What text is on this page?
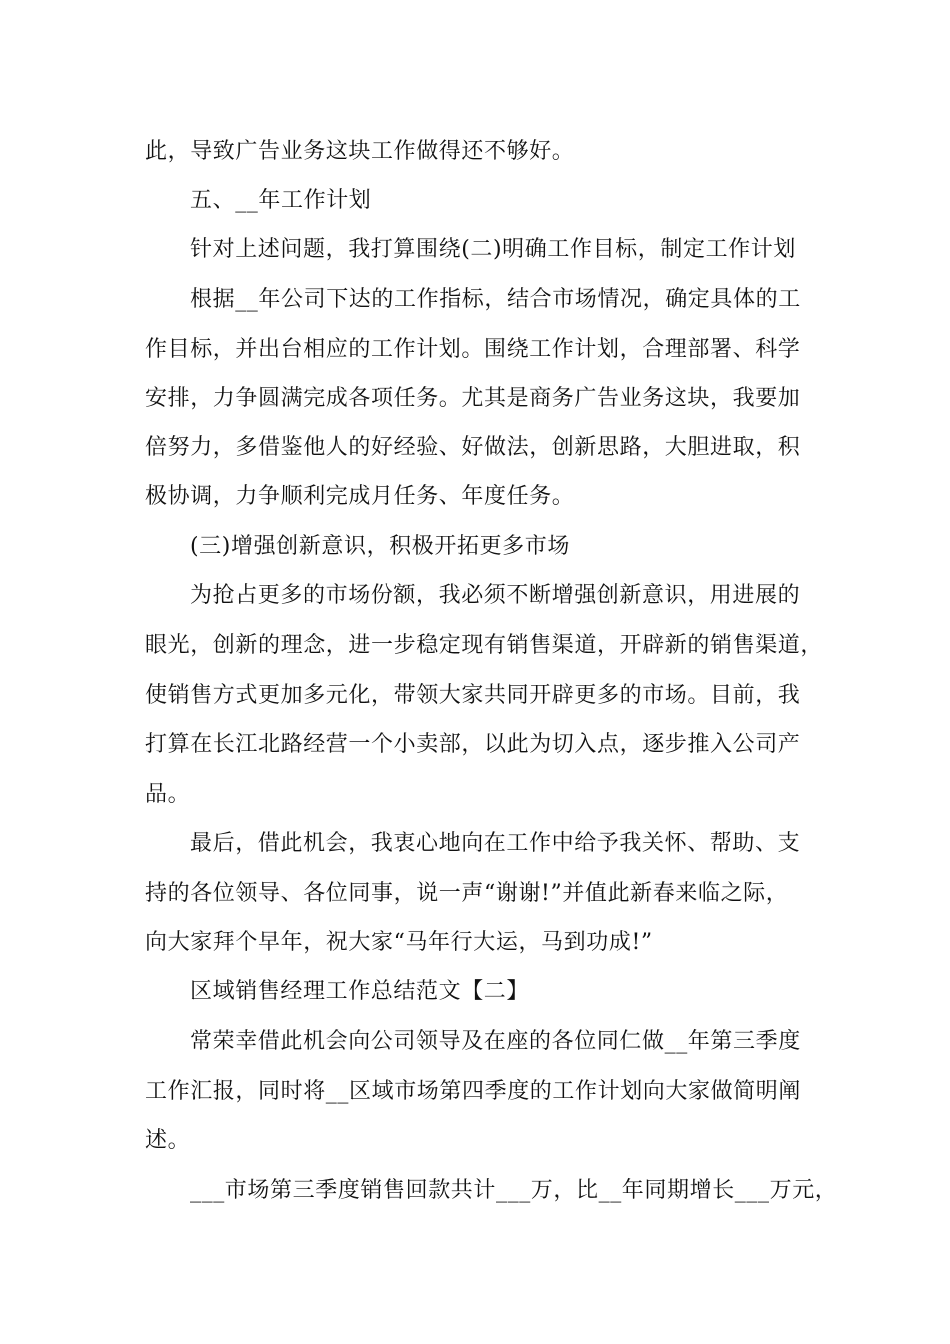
此，导致广告业务这块工作做得还不够好。

五、__年工作计划

针对上述问题，我打算围绕(二)明确工作目标，制定工作计划

根据__年公司下达的工作指标，结合市场情况，确定具体的工

作目标，并出台相应的工作计划。围绕工作计划，合理部署、科学

安排，力争圆满完成各项任务。尤其是商务广告业务这块，我要加

倍努力，多借鉴他人的好经验、好做法，创新思路，大胆进取，积

极协调，力争顺利完成月任务、年度任务。

(三)增强创新意识，积极开拓更多市场

为抢占更多的市场份额，我必须不断增强创新意识，用进展的

眼光，创新的理念，进一步稳定现有销售渠道，开辟新的销售渠道，

使销售方式更加多元化，带领大家共同开辟更多的市场。目前，我

打算在长江北路经营一个小卖部，以此为切入点，逐步推入公司产

品。

最后，借此机会，我衷心地向在工作中给予我关怀、帮助、支

持的各位领导、各位同事，说一声“谢谢!”并值此新春来临之际，

向大家拜个早年，祝大家“马年行大运，马到功成!”

区域销售经理工作总结范文【二】

常荣幸借此机会向公司领导及在座的各位同仁做__年第三季度

工作汇报，同时将__区域市场第四季度的工作计划向大家做简明阐

述。

___市场第三季度销售回款共计___万，比__年同期增长___万元，
